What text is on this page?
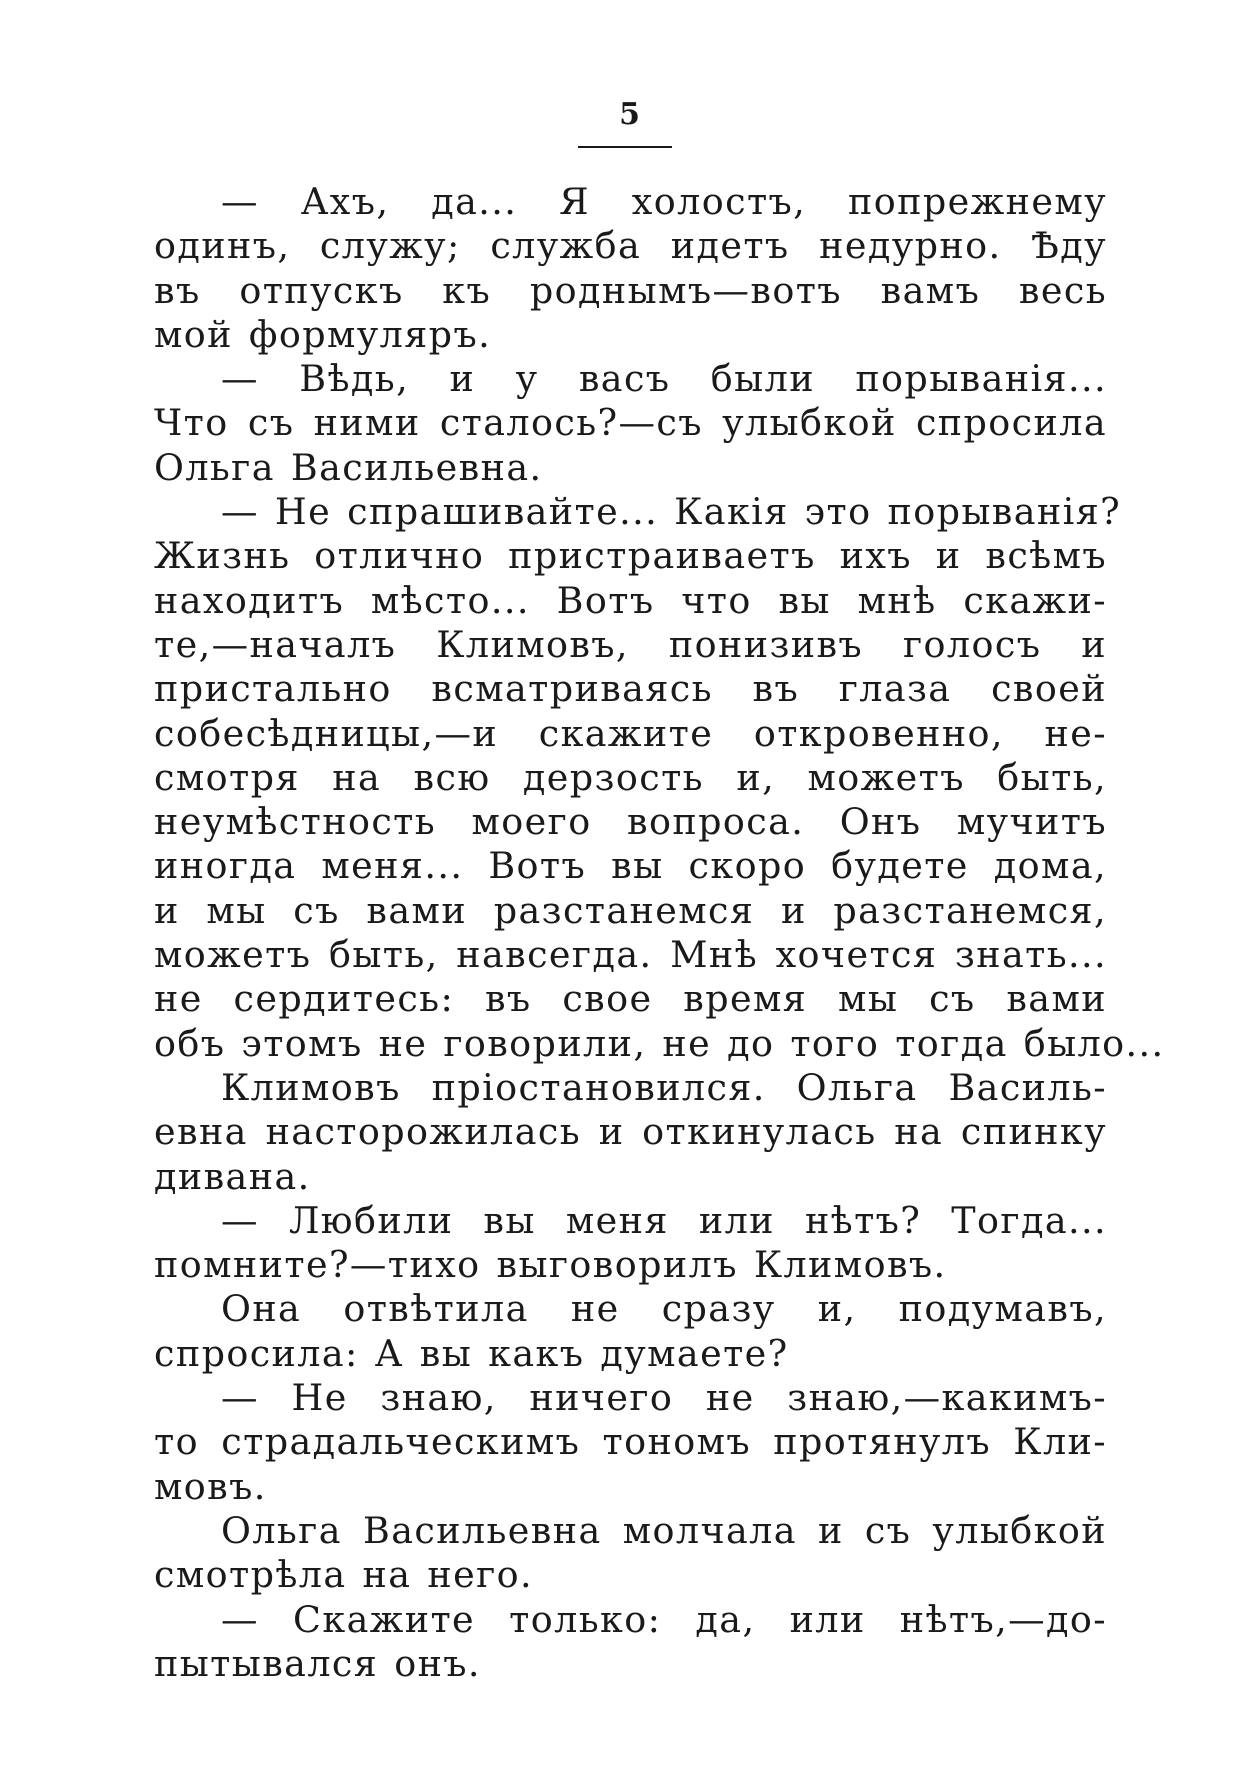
5
— Ахъ, да... Я холостъ, попрежнему
одинъ, служу; служба идетъ недурно. Ѣду
въ отпускъ къ роднымъ—вотъ вамъ весь
мой формуляръ.
— Вѣдь, и у васъ были порыванія...
Что съ ними сталось?—съ улыбкой спросила
Ольга Васильевна.
— Не спрашивайте... Какія это порыванія?
Жизнь отлично пристраиваетъ ихъ и всѣмъ
находитъ мѣсто... Вотъ что вы мнѣ скажи-
те,—началъ Климовъ, понизивъ голосъ и
пристально всматриваясь въ глаза своей
собесѣдницы,—и скажите откровенно, не-
смотря на всю дерзость и, можетъ быть,
неумѣстность моего вопроса. Онъ мучитъ
иногда меня... Вотъ вы скоро будете дома,
и мы съ вами разстанемся и разстанемся,
можетъ быть, навсегда. Мнѣ хочется знать...
не сердитесь: въ свое время мы съ вами
объ этомъ не говорили, не до того тогда было...
Климовъ пріостановился. Ольга Василь-
евна насторожилась и откинулась на спинку
дивана.
— Любили вы меня или нѣтъ? Тогда...
помните?—тихо выговорилъ Климовъ.
Она отвѣтила не сразу и, подумавъ,
спросила: А вы какъ думаете?
— Не знаю, ничего не знаю,—какимъ-
то страдальческимъ тономъ протянулъ Кли-
мовъ.
Ольга Васильевна молчала и съ улыбкой
смотрѣла на него.
— Скажите только: да, или нѣтъ,—до-
пытывался онъ.
